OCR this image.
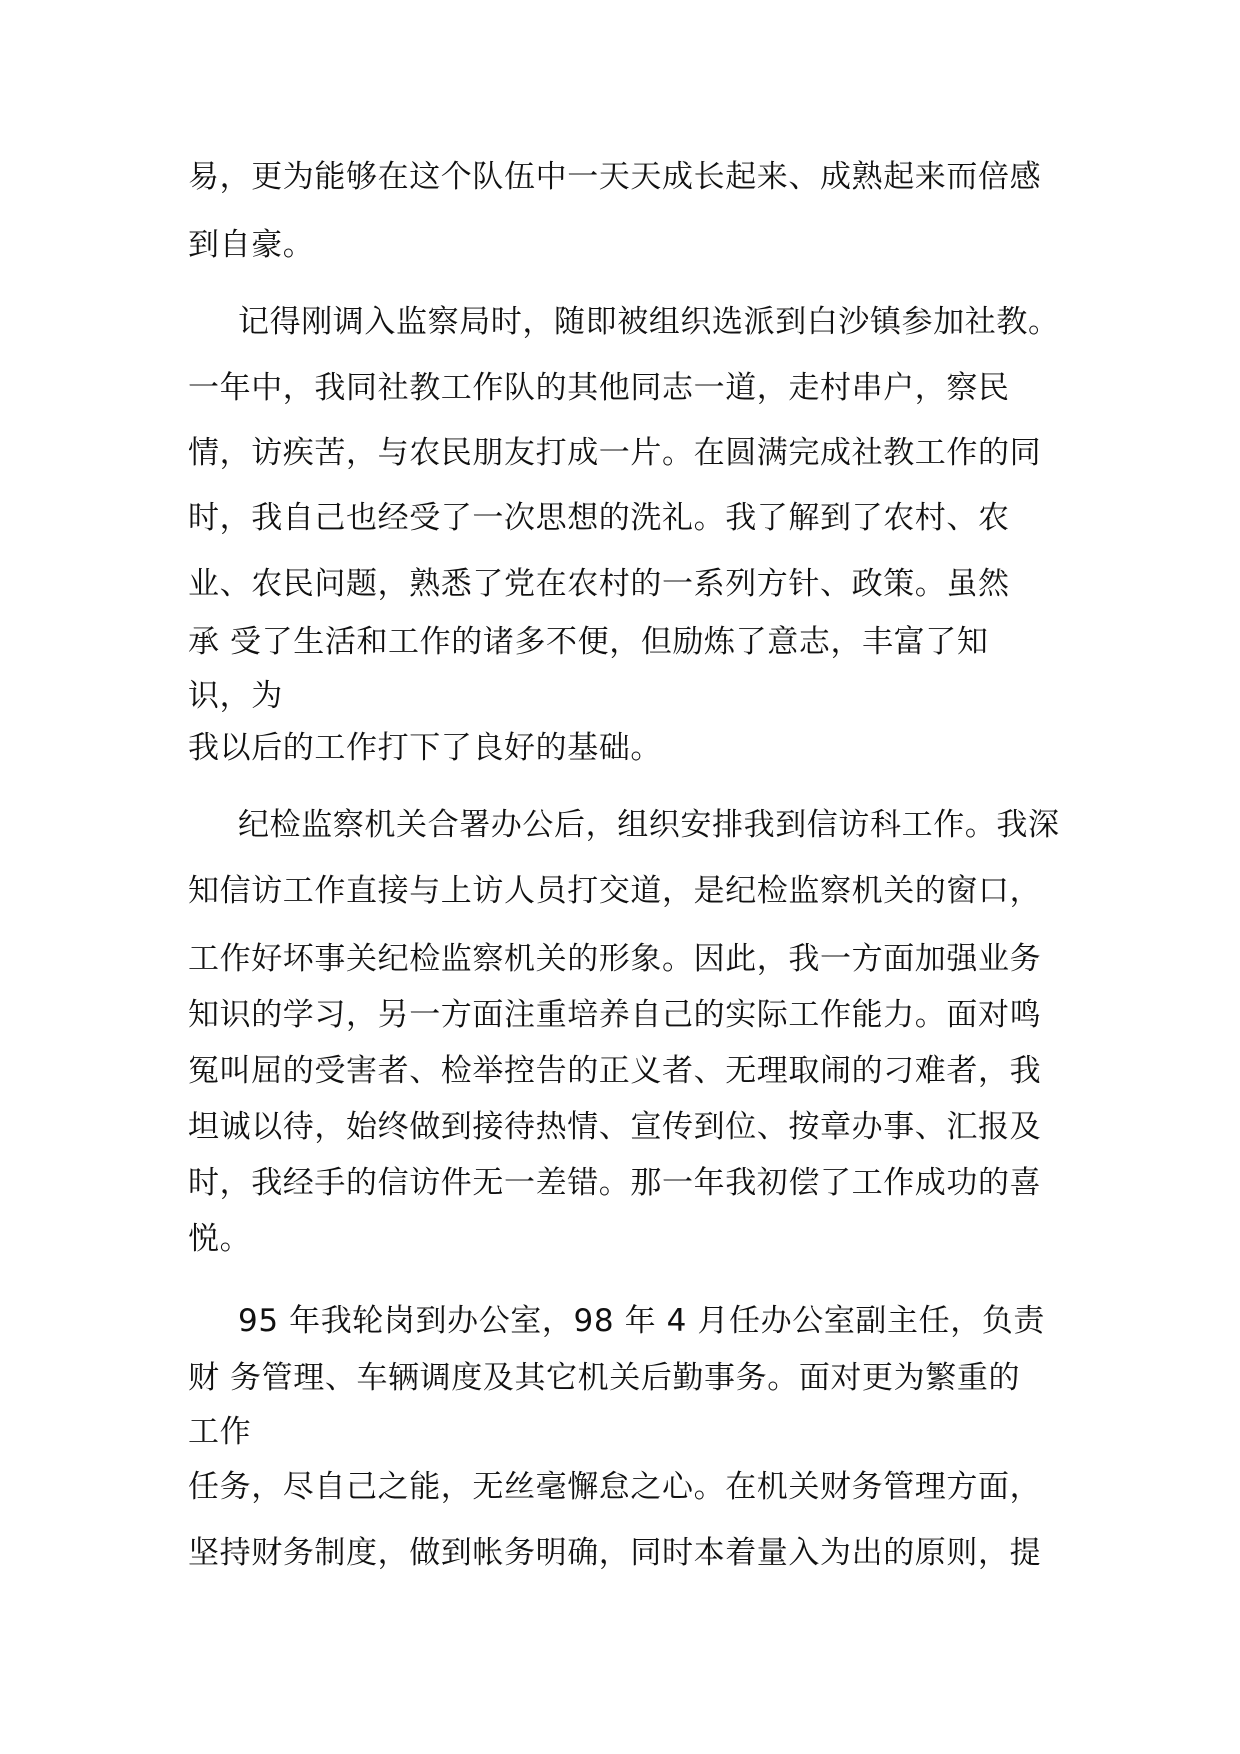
易，更为能够在这个队伍中一天天成长起来、成熟起来而倍感
到自豪。
记得刚调入监察局时，随即被组织选派到白沙镇参加社教。
一年中，我同社教工作队的其他同志一道，走村串户，察民
情，访疾苦，与农民朋友打成一片。在圆满完成社教工作的同
时，我自己也经受了一次思想的洗礼。我了解到了农村、农
业、农民问题，熟悉了党在农村的一系列方针、政策。虽然
承 受了生活和工作的诸多不便，但励炼了意志，丰富了知
识，为
我以后的工作打下了良好的基础。
纪检监察机关合署办公后，组织安排我到信访科工作。我深
知信访工作直接与上访人员打交道，是纪检监察机关的窗口，
工作好坏事关纪检监察机关的形象。因此，我一方面加强业务
知识的学习，另一方面注重培养自己的实际工作能力。面对鸣
冤叫屈的受害者、检举控告的正义者、无理取闹的刁难者，我
坦诚以待，始终做到接待热情、宣传到位、按章办事、汇报及
时，我经手的信访件无一差错。那一年我初偿了工作成功的喜
悦。
95 年我轮岗到办公室，98 年 4 月任办公室副主任，负责
财 务管理、车辆调度及其它机关后勤事务。面对更为繁重的
工作
任务，尽自己之能，无丝毫懈怠之心。在机关财务管理方面，
坚持财务制度，做到帐务明确，同时本着量入为出的原则，提
